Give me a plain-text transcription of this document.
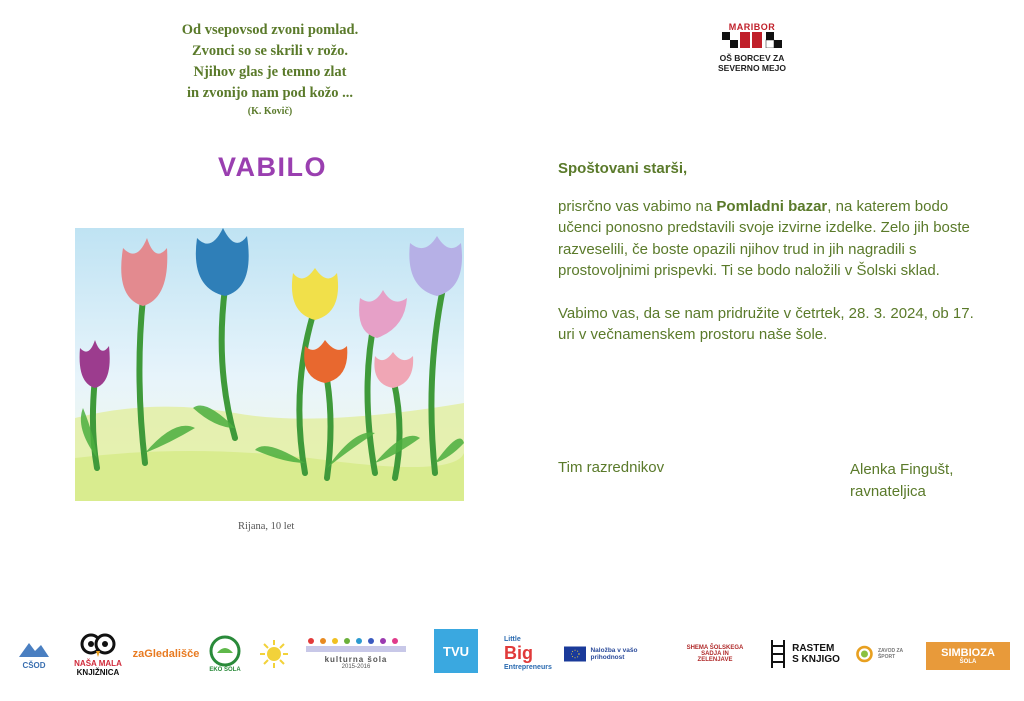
Od vsepovsod zvoni pomlad.
Zvonci so se skrili v rožo.
Njihov glas je temno zlat
in zvonijo nam pod kožo ...
(K. Kovič)
MARIBOR
OŠ BORCEV ZA
SEVERNO MEJO
VABILO
Rijana, 10 let
Spoštovani starši,

prisrčno vas vabimo na Pomladni bazar, na katerem bodo učenci ponosno predstavili svoje izvirne izdelke. Zelo jih boste razveselili, če boste opazili njihov trud in jih nagradili s prostovoljnimi prispevki. Ti se bodo naložili v Šolski sklad.

Vabimo vas, da se nam pridružite v četrtek, 28. 3. 2024, ob 17. uri v večnamenskem prostoru naše šole.

Tim razrednikov	Alenka Fingušt,
ravnateljica
CŠOD	NAŠA MALA
KNJIŽNICA
zaGledališče
EKO ŠOLA
kulturna šola
2015-2016
TVU
Little
Big
Entrepreneurs
Naložba v vašo prihodnost
SHEMA ŠOLSKEGA SADJA IN ZELENJAVE
RASTEM
S KNJIGO
ZAVOD ZA ŠPORT	SIMBIOZA
ŠOLA
